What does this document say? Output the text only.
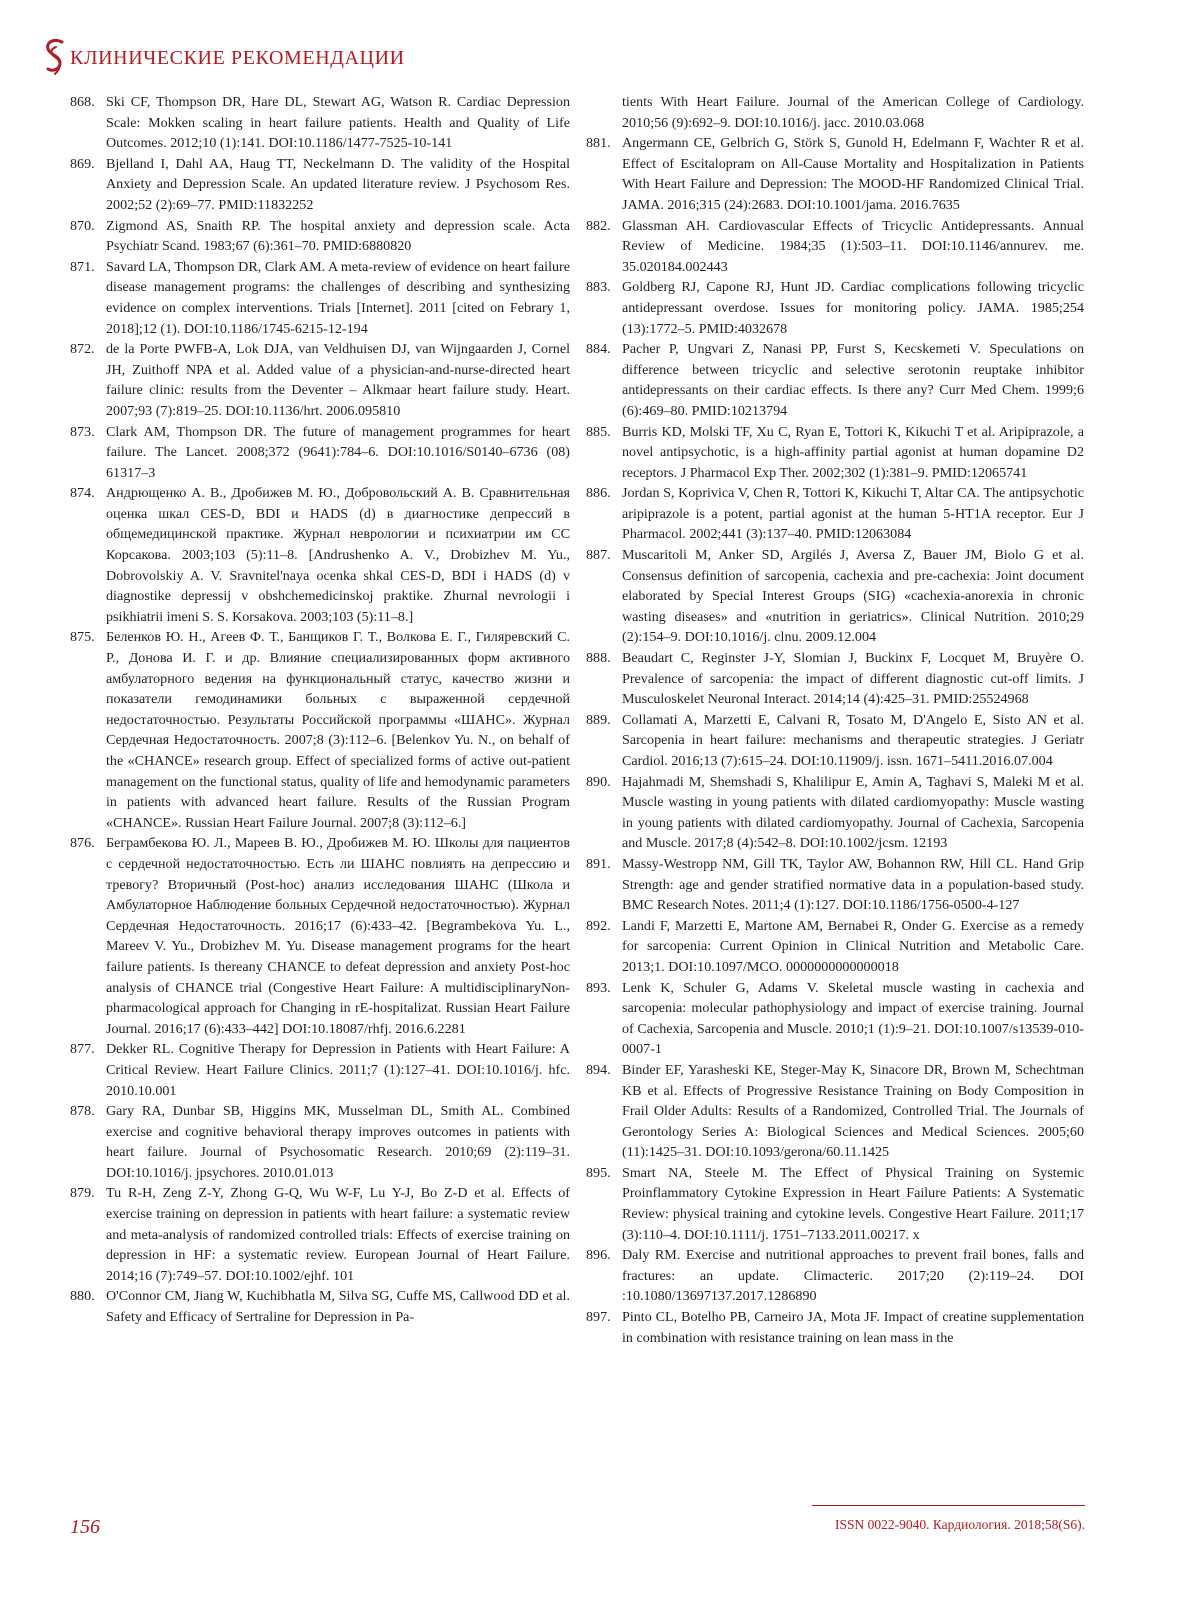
КЛИНИЧЕСКИЕ РЕКОМЕНДАЦИИ
868. Ski CF, Thompson DR, Hare DL, Stewart AG, Watson R. Cardiac Depression Scale: Mokken scaling in heart failure patients. Health and Quality of Life Outcomes. 2012;10 (1):141. DOI:10.1186/1477-7525-10-141
869. Bjelland I, Dahl AA, Haug TT, Neckelmann D. The validity of the Hospital Anxiety and Depression Scale. An updated literature review. J Psychosom Res. 2002;52 (2):69–77. PMID:11832252
870. Zigmond AS, Snaith RP. The hospital anxiety and depression scale. Acta Psychiatr Scand. 1983;67 (6):361–70. PMID:6880820
871. Savard LA, Thompson DR, Clark AM. A meta-review of evidence on heart failure disease management programs: the challenges of describing and synthesizing evidence on complex interventions. Trials [Internet]. 2011 [cited on Febrary 1, 2018];12 (1). DOI:10.1186/1745-6215-12-194
872. de la Porte PWFB-A, Lok DJA, van Veldhuisen DJ, van Wijngaarden J, Cornel JH, Zuithoff NPA et al. Added value of a physician-and-nurse-directed heart failure clinic: results from the Deventer – Alkmaar heart failure study. Heart. 2007;93 (7):819–25. DOI:10.1136/hrt. 2006.095810
873. Clark AM, Thompson DR. The future of management programmes for heart failure. The Lancet. 2008;372 (9641):784–6. DOI:10.1016/S0140–6736 (08) 61317–3
874. Андрющенко А. В., Дробижев М. Ю., Добровольский А. В. Сравнительная оценка шкал CES-D, BDI и HADS (d) в диагностике депрессий в общемедицинской практике. Журнал неврологии и психиатрии им СС Корсакова. 2003;103 (5):11–8. [Andrushenko A. V., Drobizhev M. Yu., Dobrovolskiy A. V. Sravnitel'naya ocenka shkal CES-D, BDI i HADS (d) v diagnostike depressij v obshchemedicinskoj praktike. Zhurnal nevrologii i psikhiatrii imeni S. S. Korsakova. 2003;103 (5):11–8.]
875. Беленков Ю. Н., Агеев Ф. Т., Банщиков Г. Т., Волкова Е. Г., Гиляревский С. Р., Донова И. Г. и др. Влияние специализированных форм активного амбулаторного ведения на функциональный статус, качество жизни и показатели гемодинамики больных с выраженной сердечной недостаточностью. Результаты Российской программы «ШАНС». Журнал Сердечная Недостаточность. 2007;8 (3):112–6. [Belenkov Yu. N., on behalf of the «CHANCE» research group. Effect of specialized forms of active out-patient management on the functional status, quality of life and hemodynamic parameters in patients with advanced heart failure. Results of the Russian Program «CHANCE». Russian Heart Failure Journal. 2007;8 (3):112–6.]
876. Беграмбекова Ю. Л., Мареев В. Ю., Дробижев М. Ю. Школы для пациентов с сердечной недостаточностью. Есть ли ШАНС повлиять на депрессию и тревогу? Вторичный (Post-hoc) анализ исследования ШАНС (Школа и Амбулаторное Наблюдение больных Сердечной недостаточностью). Журнал Сердечная Недостаточность. 2016;17 (6):433–42. [Begrambekova Yu. L., Mareev V. Yu., Drobizhev M. Yu. Disease management programs for the heart failure patients. Is thereany CHANCE to defeat depression and anxiety Post-hoc analysis of CHANCE trial (Congestive Heart Failure: A multidisciplinaryNon-pharmacological approach for Changing in rE-hospitalizat. Russian Heart Failure Journal. 2016;17 (6):433–442] DOI:10.18087/rhfj. 2016.6.2281
877. Dekker RL. Cognitive Therapy for Depression in Patients with Heart Failure: A Critical Review. Heart Failure Clinics. 2011;7 (1):127–41. DOI:10.1016/j. hfc. 2010.10.001
878. Gary RA, Dunbar SB, Higgins MK, Musselman DL, Smith AL. Combined exercise and cognitive behavioral therapy improves outcomes in patients with heart failure. Journal of Psychosomatic Research. 2010;69 (2):119–31. DOI:10.1016/j. jpsychores. 2010.01.013
879. Tu R-H, Zeng Z-Y, Zhong G-Q, Wu W-F, Lu Y-J, Bo Z-D et al. Effects of exercise training on depression in patients with heart failure: a systematic review and meta-analysis of randomized controlled trials: Effects of exercise training on depression in HF: a systematic review. European Journal of Heart Failure. 2014;16 (7):749–57. DOI:10.1002/ejhf. 101
880. O'Connor CM, Jiang W, Kuchibhatla M, Silva SG, Cuffe MS, Callwood DD et al. Safety and Efficacy of Sertraline for Depression in Pa-
tients With Heart Failure. Journal of the American College of Cardiology. 2010;56 (9):692–9. DOI:10.1016/j. jacc. 2010.03.068
881. Angermann CE, Gelbrich G, Störk S, Gunold H, Edelmann F, Wachter R et al. Effect of Escitalopram on All-Cause Mortality and Hospitalization in Patients With Heart Failure and Depression: The MOOD-HF Randomized Clinical Trial. JAMA. 2016;315 (24):2683. DOI:10.1001/jama. 2016.7635
882. Glassman AH. Cardiovascular Effects of Tricyclic Antidepressants. Annual Review of Medicine. 1984;35 (1):503–11. DOI:10.1146/annurev. me. 35.020184.002443
883. Goldberg RJ, Capone RJ, Hunt JD. Cardiac complications following tricyclic antidepressant overdose. Issues for monitoring policy. JAMA. 1985;254 (13):1772–5. PMID:4032678
884. Pacher P, Ungvari Z, Nanasi PP, Furst S, Kecskemeti V. Speculations on difference between tricyclic and selective serotonin reuptake inhibitor antidepressants on their cardiac effects. Is there any? Curr Med Chem. 1999;6 (6):469–80. PMID:10213794
885. Burris KD, Molski TF, Xu C, Ryan E, Tottori K, Kikuchi T et al. Aripiprazole, a novel antipsychotic, is a high-affinity partial agonist at human dopamine D2 receptors. J Pharmacol Exp Ther. 2002;302 (1):381–9. PMID:12065741
886. Jordan S, Koprivica V, Chen R, Tottori K, Kikuchi T, Altar CA. The antipsychotic aripiprazole is a potent, partial agonist at the human 5-HT1A receptor. Eur J Pharmacol. 2002;441 (3):137–40. PMID:12063084
887. Muscaritoli M, Anker SD, Argilés J, Aversa Z, Bauer JM, Biolo G et al. Consensus definition of sarcopenia, cachexia and pre-cachexia: Joint document elaborated by Special Interest Groups (SIG) «cachexia-anorexia in chronic wasting diseases» and «nutrition in geriatrics». Clinical Nutrition. 2010;29 (2):154–9. DOI:10.1016/j. clnu. 2009.12.004
888. Beaudart C, Reginster J-Y, Slomian J, Buckinx F, Locquet M, Bruyère O. Prevalence of sarcopenia: the impact of different diagnostic cut-off limits. J Musculoskelet Neuronal Interact. 2014;14 (4):425–31. PMID:25524968
889. Collamati A, Marzetti E, Calvani R, Tosato M, D'Angelo E, Sisto AN et al. Sarcopenia in heart failure: mechanisms and therapeutic strategies. J Geriatr Cardiol. 2016;13 (7):615–24. DOI:10.11909/j. issn. 1671–5411.2016.07.004
890. Hajahmadi M, Shemshadi S, Khalilipur E, Amin A, Taghavi S, Maleki M et al. Muscle wasting in young patients with dilated cardiomyopathy: Muscle wasting in young patients with dilated cardiomyopathy. Journal of Cachexia, Sarcopenia and Muscle. 2017;8 (4):542–8. DOI:10.1002/jcsm. 12193
891. Massy-Westropp NM, Gill TK, Taylor AW, Bohannon RW, Hill CL. Hand Grip Strength: age and gender stratified normative data in a population-based study. BMC Research Notes. 2011;4 (1):127. DOI:10.1186/1756-0500-4-127
892. Landi F, Marzetti E, Martone AM, Bernabei R, Onder G. Exercise as a remedy for sarcopenia: Current Opinion in Clinical Nutrition and Metabolic Care. 2013;1. DOI:10.1097/MCO. 0000000000000018
893. Lenk K, Schuler G, Adams V. Skeletal muscle wasting in cachexia and sarcopenia: molecular pathophysiology and impact of exercise training. Journal of Cachexia, Sarcopenia and Muscle. 2010;1 (1):9–21. DOI:10.1007/s13539-010-0007-1
894. Binder EF, Yarasheski KE, Steger-May K, Sinacore DR, Brown M, Schechtman KB et al. Effects of Progressive Resistance Training on Body Composition in Frail Older Adults: Results of a Randomized, Controlled Trial. The Journals of Gerontology Series A: Biological Sciences and Medical Sciences. 2005;60 (11):1425–31. DOI:10.1093/gerona/60.11.1425
895. Smart NA, Steele M. The Effect of Physical Training on Systemic Proinflammatory Cytokine Expression in Heart Failure Patients: A Systematic Review: physical training and cytokine levels. Congestive Heart Failure. 2011;17 (3):110–4. DOI:10.1111/j. 1751–7133.2011.00217. x
896. Daly RM. Exercise and nutritional approaches to prevent frail bones, falls and fractures: an update. Climacteric. 2017;20 (2):119–24. DOI :10.1080/13697137.2017.1286890
897. Pinto CL, Botelho PB, Carneiro JA, Mota JF. Impact of creatine supplementation in combination with resistance training on lean mass in the
156	ISSN 0022-9040. Кардиология. 2018;58(S6).
